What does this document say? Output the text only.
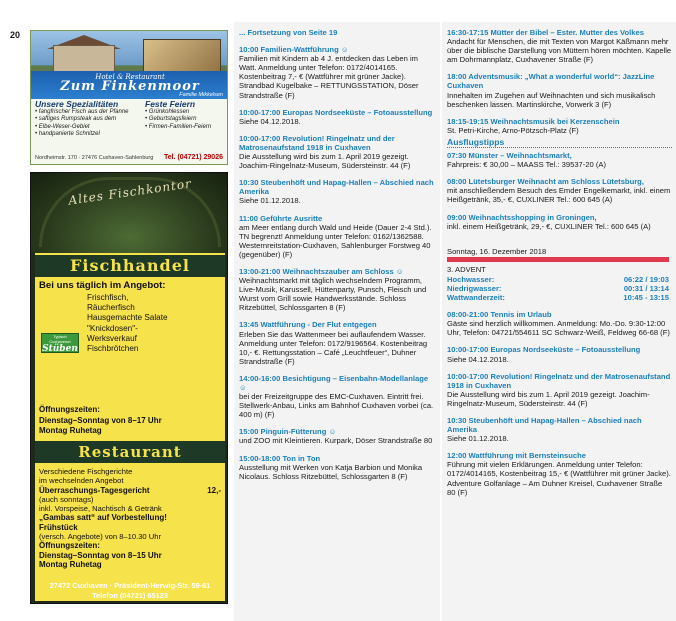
20
Hotel & Restaurant
Zum Finkenmoor
Familie Mikkelsen
Unsere Spezialitäten
• fangfrischer Fisch aus der Pfanne
• saftiges Rumpsteak aus dem
• Elbe-Weser-Gebiet
• handpanierte Schnitzel
Feste Feiern
• Grünkohlessen
• Geburtstagsfeiern
• Firmen-Familien-Feiern
Nordheimstr. 170 · 27476 Cuxhaven-Sahlenburg Tel. (04721) 29026
Altes Fischkontor
Fischhandel
Bei uns täglich im Angebot:
Frischfisch,
Räucherfisch
Hausgemachte Salate
"Knickdosen"-
Werksverkauf
Fischbrötchen
Typisch Cuxhavener
Stüben
Öffnungszeiten:
Dienstag–Sonntag von 8–17 Uhr
Montag Ruhetag
Restaurant
Verschiedene Fischgerichte
im wechselnden Angebot
Überraschungs-Tagesgericht	12,-
(auch sonntags)
inkl. Vorspeise, Nachtisch & Getränk
„Gambas satt“ auf Vorbestellung!
Frühstück
(versch. Angebote) von 8–10.30 Uhr
Öffnungszeiten:
Dienstag–Sonntag von 8–15 Uhr
Montag Ruhetag
27472 Cuxhaven · Präsident-Herwig-Str. 59-61
Telefon (04721) 65123
... Fortsetzung von Seite 19
10:00 Familien-Wattführung ☺
Familien mit Kindern ab 4 J. entdecken das Leben im Watt. Anmeldung unter Telefon: 0172/4014165. Kostenbeitrag 7,- € (Wattführer mit grüner Jacke). Strandbad Kugelbake – RETTUNGSSTATION, Döser Strandstraße (F)
10:00-17:00 Europas Nordseeküste – Fotoausstellung
Siehe 04.12.2018.
10:00-17:00 Revolution! Ringelnatz und der Matrosenaufstand 1918 in Cuxhaven
Die Ausstellung wird bis zum 1. April 2019 gezeigt. Joachim-Ringelnatz-Museum, Südersteinstr. 44 (F)
10:30 Steubenhöft und Hapag-Hallen – Abschied nach Amerika
Siehe 01.12.2018.
11:00 Geführte Ausritte
am Meer entlang durch Wald und Heide (Dauer 2-4 Std.). TN begrenzt! Anmeldung unter Telefon: 0162/1362588. Westernreitstation-Cuxhaven, Sahlenburger Forstweg 40 (gegenüber) (F)
13:00-21:00 Weihnachtszauber am Schloss ☺
Weihnachtsmarkt mit täglich wechselndem Programm, Live-Musik, Karussell, Hüttenparty, Punsch, Fleisch und Wurst vom Grill sowie Handwerksstände. Schloss Ritzebüttel, Schlossgarten 8 (F)
13:45 Wattführung - Der Flut entgegen
Erleben Sie das Wattenmeer bei auflaufendem Wasser. Anmeldung unter Telefon: 0172/9196564. Kostenbeitrag 10,- €. Rettungsstation – Café „Leuchtfeuer“, Duhner Strandstraße (F)
14:00-16:00 Besichtigung – Eisenbahn-Modellanlage ☺
bei der Freizeitgruppe des EMC-Cuxhaven. Eintritt frei. Stellwerk-Anbau, Links am Bahnhof Cuxhaven vorbei (ca. 400 m) (F)
15:00 Pinguin-Fütterung ☺
und ZOO mit Kleintieren. Kurpark, Döser Strandstraße 80
15:00-18:00 Ton in Ton
Ausstellung mit Werken von Katja Barbion und Monika Nicolaus. Schloss Ritzebüttel, Schlossgarten 8 (F)
16:30-17:15 Mütter der Bibel – Ester. Mutter des Volkes
Andacht für Menschen, die mit Texten von Margot Käßmann mehr über die biblische Darstellung von Müttern hören möchten. Kapelle am Dohrmannplatz, Cuxhavener Straße (F)
18:00 Adventsmusik: „What a wonderful world“: JazzLine Cuxhaven
Innehalten im Zugehen auf Weihnachten und sich musikalisch beschenken lassen. Martinskirche, Vorwerk 3 (F)
18:15-19:15 Weihnachtsmusik bei Kerzenschein
St. Petri-Kirche, Arno-Pötzsch-Platz (F)
Ausflugstipps
07:30 Münster – Weihnachtsmarkt,
Fahrpreis: € 30,00 – MAASS Tel.: 39537-20 (A)
08:00 Lütetsburger Weihnacht am Schloss Lütetsburg,
mit anschließendem Besuch des Emder Engelkemarkt, inkl. einem Heißgetränk, 35,- €, CUXLINER Tel.: 600 645 (A)
09:00 Weihnachtsshopping in Groningen,
inkl. einem Heißgetränk, 29,- €, CUXLINER Tel.: 600 645 (A)
Sonntag, 16. Dezember 2018
3. ADVENT
Hochwasser:	06:22 / 19:03
Niedrigwasser:	00:31 / 13:14
Wattwanderzeit:	10:45 - 13:15
08:00-21:00 Tennis im Urlaub
Gäste sind herzlich willkommen. Anmeldung: Mo.-Do. 9:30-12:00 Uhr, Telefon: 04721/554611 SC Schwarz-Weiß, Feldweg 66-68 (F)
10:00-17:00 Europas Nordseeküste – Fotoausstellung
Siehe 04.12.2018.
10:00-17:00 Revolution! Ringelnatz und der Matrosenaufstand 1918 in Cuxhaven
Die Ausstellung wird bis zum 1. April 2019 gezeigt. Joachim-Ringelnatz-Museum, Südersteinstr. 44 (F)
10:30 Steubenhöft und Hapag-Hallen – Abschied nach Amerika
Siehe 01.12.2018.
12:00 Wattführung mit Bernsteinsuche
Führung mit vielen Erklärungen. Anmeldung unter Telefon: 0172/4014165, Kostenbeitrag 15,- € (Wattführer mit grüner Jacke). Adventure Golfanlage – Am Duhner Kreisel, Cuxhavener Straße 80 (F)
